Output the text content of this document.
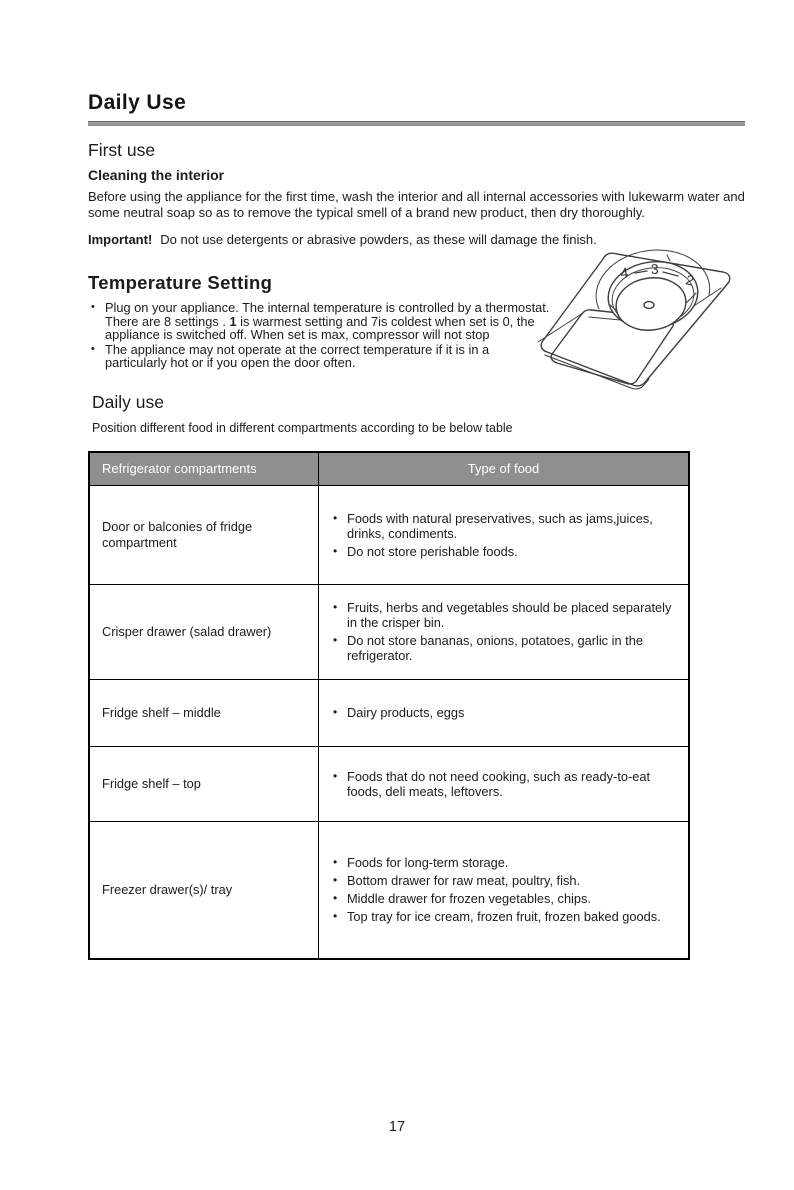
Daily Use
First use
Cleaning the interior

Before using the appliance for the first time, wash the interior and all internal accessories with lukewarm water and some neutral soap so as to remove the typical smell of a brand new product, then dry thoroughly.

Important! Do not use detergents or abrasive powders, as these will damage the finish.

Temperature Setting
• Plug on your appliance. The internal temperature is controlled by a thermostat. There are 8 settings . 1 is warmest setting and 7is coldest when set is 0, the appliance is switched off. When set is max, compressor will not stop
• The appliance may not operate at the correct temperature if it is in a particularly hot or if you open the door often.
Daily use

Position different food in different compartments according to be below table

Refrigerator compartments	Type of food
Door or balconies of fridge compartment	
• Foods with natural preservatives, such as jams,juices, drinks, condiments.
• Do not store perishable foods.

Crisper drawer (salad drawer)	
• Fruits, herbs and vegetables should be placed separately in the crisper bin.
• Do not store bananas, onions, potatoes, garlic in the refrigerator.

Fridge shelf – middle	
•Dairy products, eggs

Fridge shelf – top	
•Foods that do not need cooking, such as ready-to-eat foods, deli meats, leftovers.

Freezer drawer(s)/ tray	
• Foods for long-term storage.
• Bottom drawer for raw meat, poultry, fish.
• Middle drawer for frozen vegetables, chips.
• Top tray for ice cream, frozen fruit, frozen baked goods.
4 3
2
17
